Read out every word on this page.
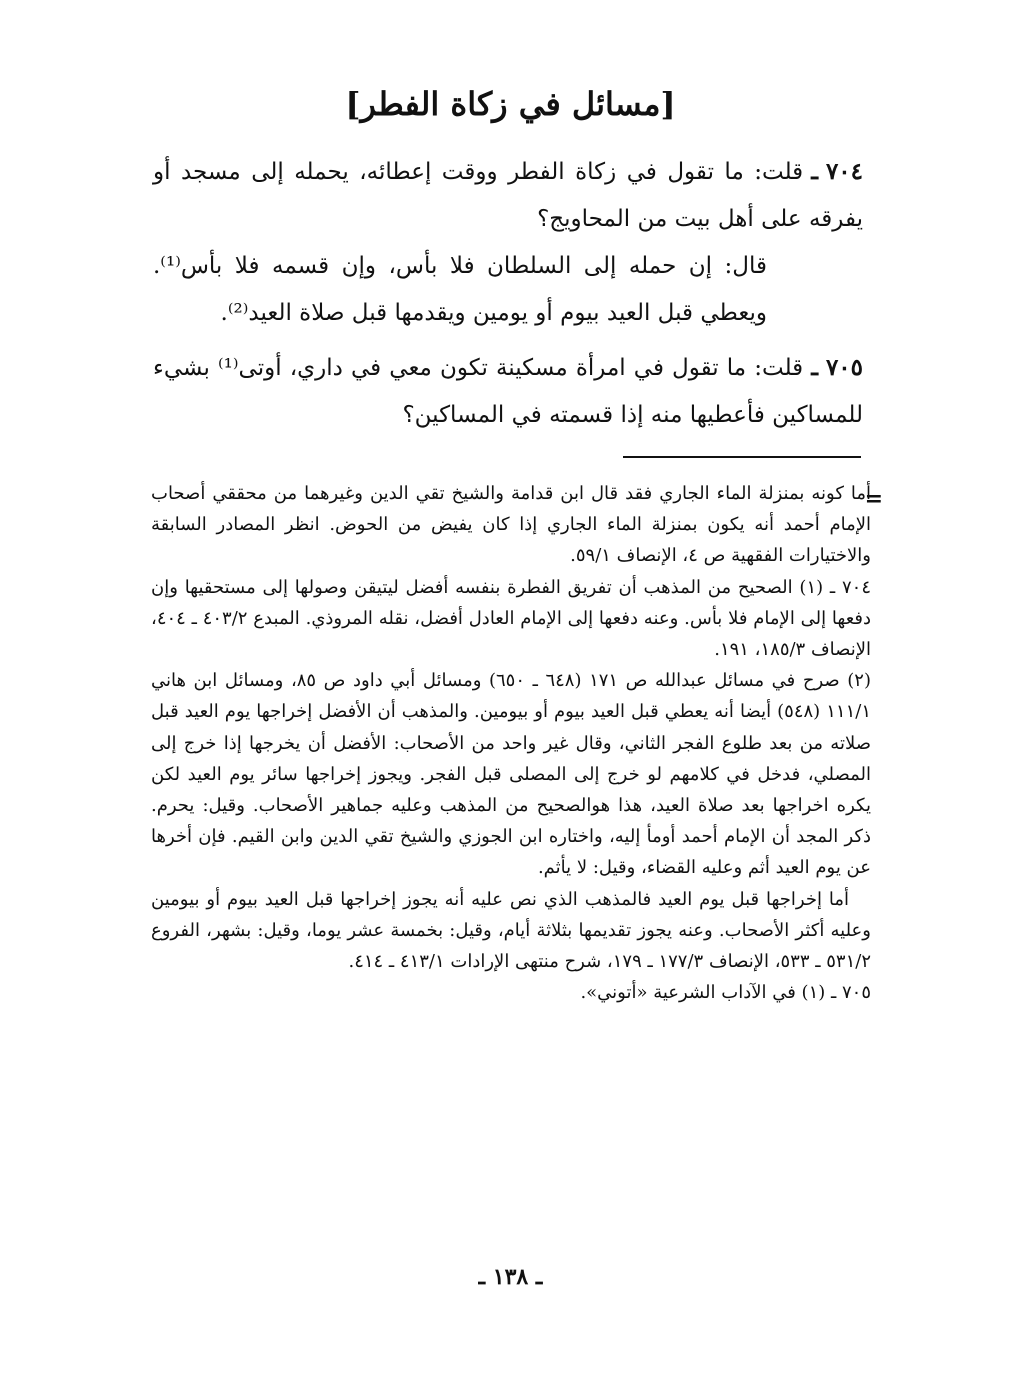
[مسائل في زكاة الفطر]

٧٠٤ ـقلت: ما تقول في زكاة الفطر ووقت إعطائه، يحمله إلى مسجد أو يفرقه على أهل بيت من المحاويج؟

قال: إن حمله إلى السلطان فلا بأس، وإن قسمه فلا بأس⁽¹⁾. ويعطي قبل العيد بيوم أو يومين ويقدمها قبل صلاة العيد⁽²⁾.

٧٠٥ ـقلت: ما تقول في امرأة مسكينة تكون معي في داري، أوتى⁽¹⁾ بشيء للمساكين فأعطيها منه إذا قسمته في المساكين؟

=

أما كونه بمنزلة الماء الجاري فقد قال ابن قدامة والشيخ تقي الدين وغيرهما من محققي أصحاب الإمام أحمد أنه يكون بمنزلة الماء الجاري إذا كان يفيض من الحوض. انظر المصادر السابقة والاختيارات الفقهية ص ٤، الإنصاف ٥٩/١.

٧٠٤ ـ (١) الصحيح من المذهب أن تفريق الفطرة بنفسه أفضل ليتيقن وصولها إلى مستحقيها وإن دفعها إلى الإمام فلا بأس. وعنه دفعها إلى الإمام العادل أفضل، نقله المروذي. المبدع ٤٠٣/٢ ـ ٤٠٤، الإنصاف ١٨٥/٣، ١٩١.

(٢) صرح في مسائل عبدالله ص ١٧١ (٦٤٨ ـ ٦٥٠) ومسائل أبي داود ص ٨٥، ومسائل ابن هاني ١١١/١ (٥٤٨) أيضا أنه يعطي قبل العيد بيوم أو بيومين. والمذهب أن الأفضل إخراجها يوم العيد قبل صلاته من بعد طلوع الفجر الثاني، وقال غير واحد من الأصحاب: الأفضل أن يخرجها إذا خرج إلى المصلي، فدخل في كلامهم لو خرج إلى المصلى قبل الفجر. ويجوز إخراجها سائر يوم العيد لكن يكره اخراجها بعد صلاة العيد، هذا هوالصحيح من المذهب وعليه جماهير الأصحاب. وقيل: يحرم. ذكر المجد أن الإمام أحمد أومأ إليه، واختاره ابن الجوزي والشيخ تقي الدين وابن القيم. فإن أخرها عن يوم العيد أثم وعليه القضاء، وقيل: لا يأثم.

أما إخراجها قبل يوم العيد فالمذهب الذي نص عليه أنه يجوز إخراجها قبل العيد بيوم أو بيومين وعليه أكثر الأصحاب. وعنه يجوز تقديمها بثلاثة أيام، وقيل: بخمسة عشر يوما، وقيل: بشهر، الفروع ٥٣١/٢ ـ ٥٣٣، الإنصاف ١٧٧/٣ ـ ١٧٩، شرح منتهى الإرادات ٤١٣/١ ـ ٤١٤.

٧٠٥ ـ (١) في الآداب الشرعية «أتوني».

ـ ١٣٨ ـ
